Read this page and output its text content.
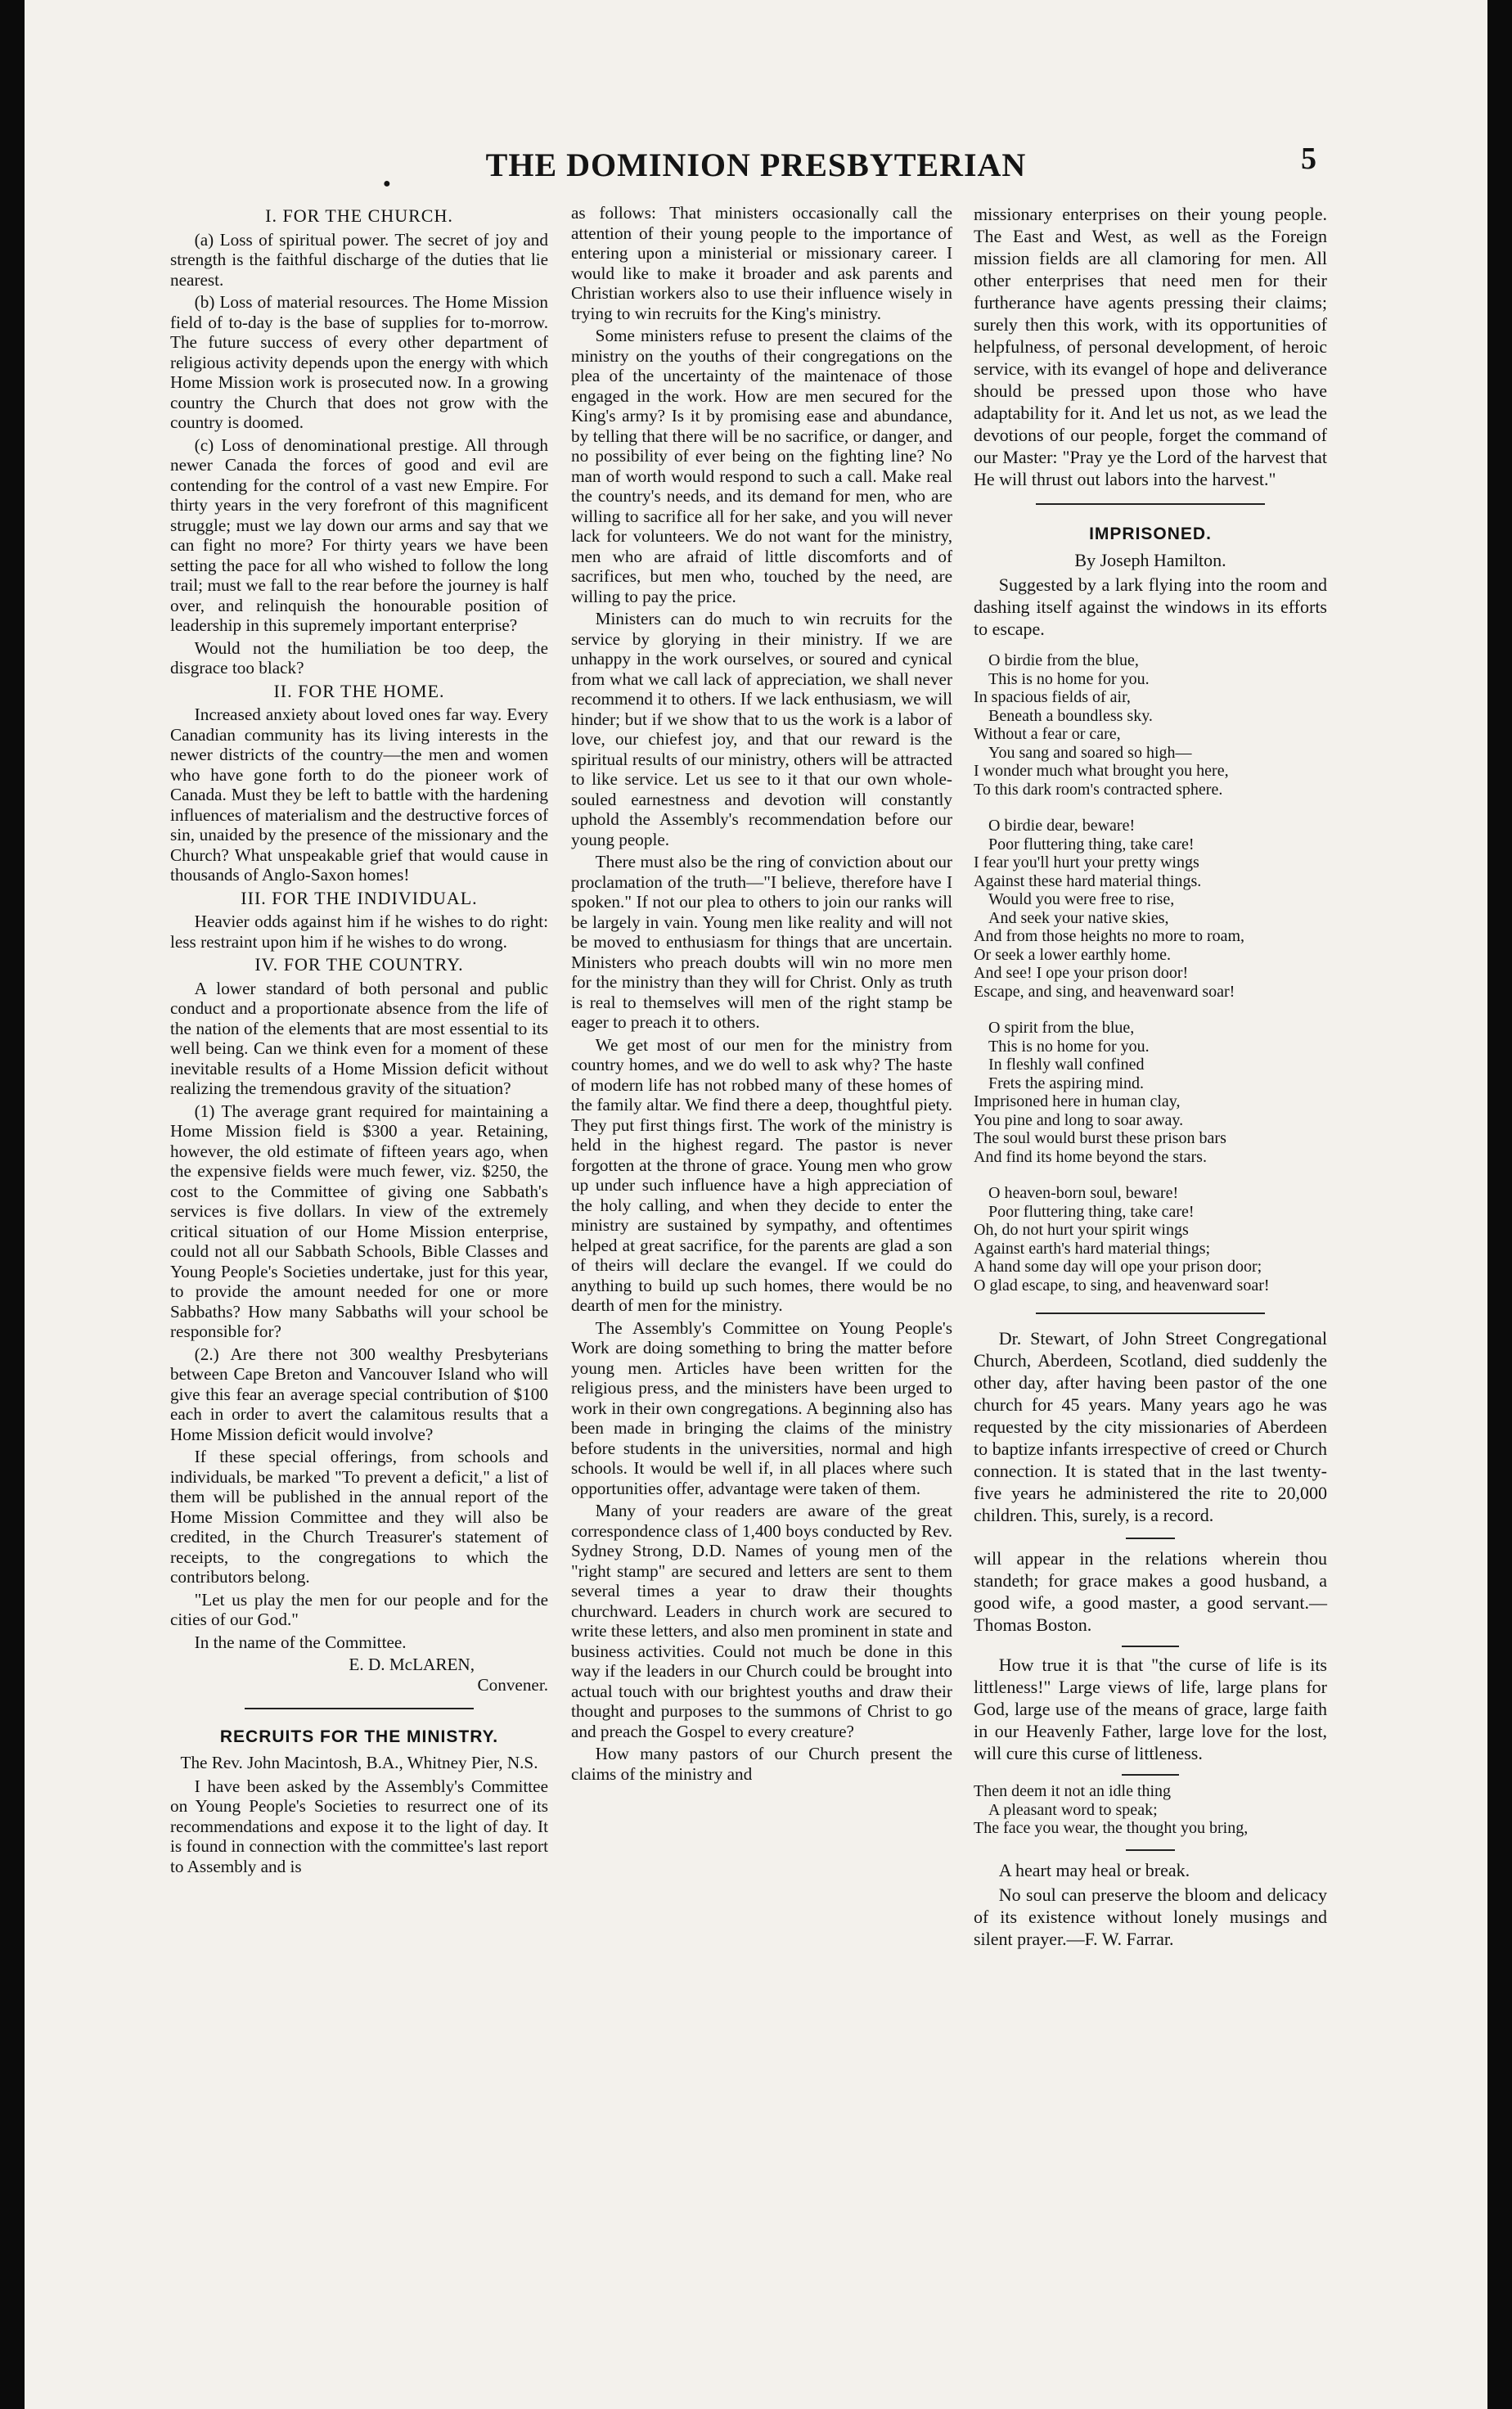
●
THE DOMINION PRESBYTERIAN	5
I. FOR THE CHURCH.

(a) Loss of spiritual power. The secret of joy and strength is the faithful discharge of the duties that lie nearest.

(b) Loss of material resources. The Home Mission field of to-day is the base of supplies for to-morrow. The future success of every other department of religious activity depends upon the energy with which Home Mission work is prosecuted now. In a growing country the Church that does not grow with the country is doomed.

(c) Loss of denominational prestige. All through newer Canada the forces of good and evil are contending for the control of a vast new Empire. For thirty years in the very forefront of this magnificent struggle; must we lay down our arms and say that we can fight no more? For thirty years we have been setting the pace for all who wished to follow the long trail; must we fall to the rear before the journey is half over, and relinquish the honourable position of leadership in this supremely important enterprise?

Would not the humiliation be too deep, the disgrace too black?

II. FOR THE HOME.

Increased anxiety about loved ones far way. Every Canadian community has its living interests in the newer districts of the country—the men and women who have gone forth to do the pioneer work of Canada. Must they be left to battle with the hardening influences of materialism and the destructive forces of sin, unaided by the presence of the missionary and the Church? What unspeakable grief that would cause in thousands of Anglo-Saxon homes!

III. FOR THE INDIVIDUAL.

Heavier odds against him if he wishes to do right: less restraint upon him if he wishes to do wrong.

IV. FOR THE COUNTRY.

A lower standard of both personal and public conduct and a proportionate absence from the life of the nation of the elements that are most essential to its well being. Can we think even for a moment of these inevitable results of a Home Mission deficit without realizing the tremendous gravity of the situation?

(1) The average grant required for maintaining a Home Mission field is $300 a year. Retaining, however, the old estimate of fifteen years ago, when the expensive fields were much fewer, viz. $250, the cost to the Committee of giving one Sabbath's services is five dollars. In view of the extremely critical situation of our Home Mission enterprise, could not all our Sabbath Schools, Bible Classes and Young People's Societies undertake, just for this year, to provide the amount needed for one or more Sabbaths? How many Sabbaths will your school be responsible for?

(2.) Are there not 300 wealthy Presbyterians between Cape Breton and Vancouver Island who will give this fear an average special contribution of $100 each in order to avert the calamitous results that a Home Mission deficit would involve?

If these special offerings, from schools and individuals, be marked "To prevent a deficit," a list of them will be published in the annual report of the Home Mission Committee and they will also be credited, in the Church Treasurer's statement of receipts, to the congregations to which the contributors belong.

"Let us play the men for our people and for the cities of our God."

In the name of the Committee.

E. D. McLAREN,
Convener.
RECRUITS FOR THE MINISTRY.
The Rev. John Macintosh, B.A., Whitney Pier, N.S.

I have been asked by the Assembly's Committee on Young People's Societies to resurrect one of its recommendations and expose it to the light of day. It is found in connection with the committee's last report to Assembly and is

as follows: That ministers occasionally call the attention of their young people to the importance of entering upon a ministerial or missionary career. I would like to make it broader and ask parents and Christian workers also to use their influence wisely in trying to win recruits for the King's ministry.

Some ministers refuse to present the claims of the ministry on the youths of their congregations on the plea of the uncertainty of the maintenace of those engaged in the work. How are men secured for the King's army? Is it by promising ease and abundance, by telling that there will be no sacrifice, or danger, and no possibility of ever being on the fighting line? No man of worth would respond to such a call. Make real the country's needs, and its demand for men, who are willing to sacrifice all for her sake, and you will never lack for volunteers. We do not want for the ministry, men who are afraid of little discomforts and of sacrifices, but men who, touched by the need, are willing to pay the price.

Ministers can do much to win recruits for the service by glorying in their ministry. If we are unhappy in the work ourselves, or soured and cynical from what we call lack of appreciation, we shall never recommend it to others. If we lack enthusiasm, we will hinder; but if we show that to us the work is a labor of love, our chiefest joy, and that our reward is the spiritual results of our ministry, others will be attracted to like service. Let us see to it that our own whole-souled earnestness and devotion will constantly uphold the Assembly's recommendation before our young people.

There must also be the ring of conviction about our proclamation of the truth—"I believe, therefore have I spoken." If not our plea to others to join our ranks will be largely in vain. Young men like reality and will not be moved to enthusiasm for things that are uncertain. Ministers who preach doubts will win no more men for the ministry than they will for Christ. Only as truth is real to themselves will men of the right stamp be eager to preach it to others.

We get most of our men for the ministry from country homes, and we do well to ask why? The haste of modern life has not robbed many of these homes of the family altar. We find there a deep, thoughtful piety. They put first things first. The work of the ministry is held in the highest regard. The pastor is never forgotten at the throne of grace. Young men who grow up under such influence have a high appreciation of the holy calling, and when they decide to enter the ministry are sustained by sympathy, and oftentimes helped at great sacrifice, for the parents are glad a son of theirs will declare the evangel. If we could do anything to build up such homes, there would be no dearth of men for the ministry.

The Assembly's Committee on Young People's Work are doing something to bring the matter before young men. Articles have been written for the religious press, and the ministers have been urged to work in their own congregations. A beginning also has been made in bringing the claims of the ministry before students in the universities, normal and high schools. It would be well if, in all places where such opportunities offer, advantage were taken of them.

Many of your readers are aware of the great correspondence class of 1,400 boys conducted by Rev. Sydney Strong, D.D. Names of young men of the "right stamp" are secured and letters are sent to them several times a year to draw their thoughts churchward. Leaders in church work are secured to write these letters, and also men prominent in state and business activities. Could not much be done in this way if the leaders in our Church could be brought into actual touch with our brightest youths and draw their thought and purposes to the summons of Christ to go and preach the Gospel to every creature?

How many pastors of our Church present the claims of the ministry and

missionary enterprises on their young people. The East and West, as well as the Foreign mission fields are all clamoring for men. All other enterprises that need men for their furtherance have agents pressing their claims; surely then this work, with its opportunities of helpfulness, of personal development, of heroic service, with its evangel of hope and deliverance should be pressed upon those who have adaptability for it. And let us not, as we lead the devotions of our people, forget the command of our Master: "Pray ye the Lord of the harvest that He will thrust out labors into the harvest."

IMPRISONED.
By Joseph Hamilton.

Suggested by a lark flying into the room and dashing itself against the windows in its efforts to escape.

O birdie from the blue,
This is no home for you.
In spacious fields of air,
Beneath a boundless sky.
Without a fear or care,
You sang and soared so high—
I wonder much what brought you here,
To this dark room's contracted sphere.
O birdie dear, beware!
Poor fluttering thing, take care!
I fear you'll hurt your pretty wings
Against these hard material things.
Would you were free to rise,
And seek your native skies,
And from those heights no more to roam,
Or seek a lower earthly home.
And see! I ope your prison door!
Escape, and sing, and heavenward soar!
O spirit from the blue,
This is no home for you.
In fleshly wall confined
Frets the aspiring mind.
Imprisoned here in human clay,
You pine and long to soar away.
The soul would burst these prison bars
And find its home beyond the stars.
O heaven-born soul, beware!
Poor fluttering thing, take care!
Oh, do not hurt your spirit wings
Against earth's hard material things;
A hand some day will ope your prison door;
O glad escape, to sing, and heavenward soar!

Dr. Stewart, of John Street Congregational Church, Aberdeen, Scotland, died suddenly the other day, after having been pastor of the one church for 45 years. Many years ago he was requested by the city missionaries of Aberdeen to baptize infants irrespective of creed or Church connection. It is stated that in the last twenty-five years he administered the rite to 20,000 children. This, surely, is a record.

will appear in the relations wherein thou standeth; for grace makes a good husband, a good wife, a good master, a good servant.—Thomas Boston.

How true it is that "the curse of life is its littleness!" Large views of life, large plans for God, large use of the means of grace, large faith in our Heavenly Father, large love for the lost, will cure this curse of littleness.

Then deem it not an idle thing
A pleasant word to speak;
The face you wear, the thought you bring,

A heart may heal or break.

No soul can preserve the bloom and delicacy of its existence without lonely musings and silent prayer.—F. W. Farrar.
